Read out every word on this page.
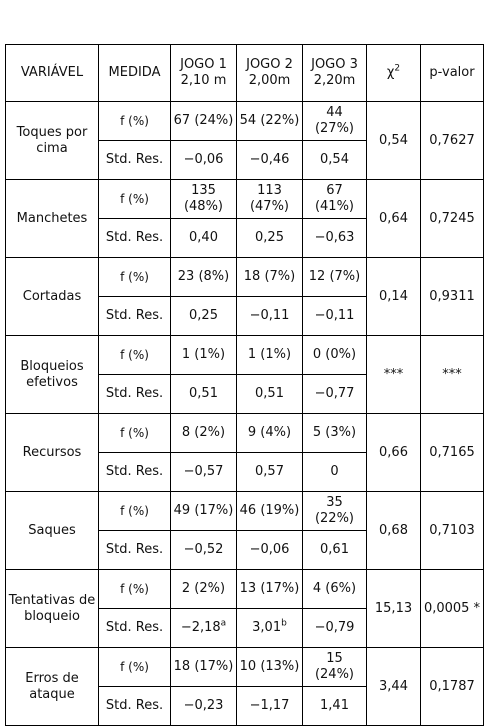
VARIÁVEL	MEDIDA	JOGO 1 2,10 m	JOGO 2 2,00m	JOGO 3 2,20m	$\chi^2$	p-valor
Toques por cima	f (%)	67 (24%)	54 (22%)	44 (27%)	0,54	0,7627
	Std. Res.	−0,06	−0,46	0,54		
Manchetes	f (%)	135 (48%)	113 (47%)	67 (41%)	0,64	0,7245
	Std. Res.	0,40	0,25	−0,63		
Cortadas	f (%)	23 (8%)	18 (7%)	12 (7%)	0,14	0,9311
	Std. Res.	0,25	−0,11	−0,11		
Bloqueios efetivos	f (%)	1 (1%)	1 (1%)	0 (0%)	***	***
	Std. Res.	0,51	0,51	−0,77		
Recursos	f (%)	8 (2%)	9 (4%)	5 (3%)	0,66	0,7165
	Std. Res.	−0,57	0,57	0		
Saques	f (%)	49 (17%)	46 (19%)	35 (22%)	0,68	0,7103
	Std. Res.	−0,52	−0,06	0,61		
Tentativas de bloqueio	f (%)	2 (2%)	13 (17%)	4 (6%)	15,13	0,0005 *
	Std. Res.	−2,18$^a$	3,01$^b$	−0,79		
Erros de ataque	f (%)	18 (17%)	10 (13%)	15 (24%)	3,44	0,1787
	Std. Res.	−0,23	−1,17	1,41		
